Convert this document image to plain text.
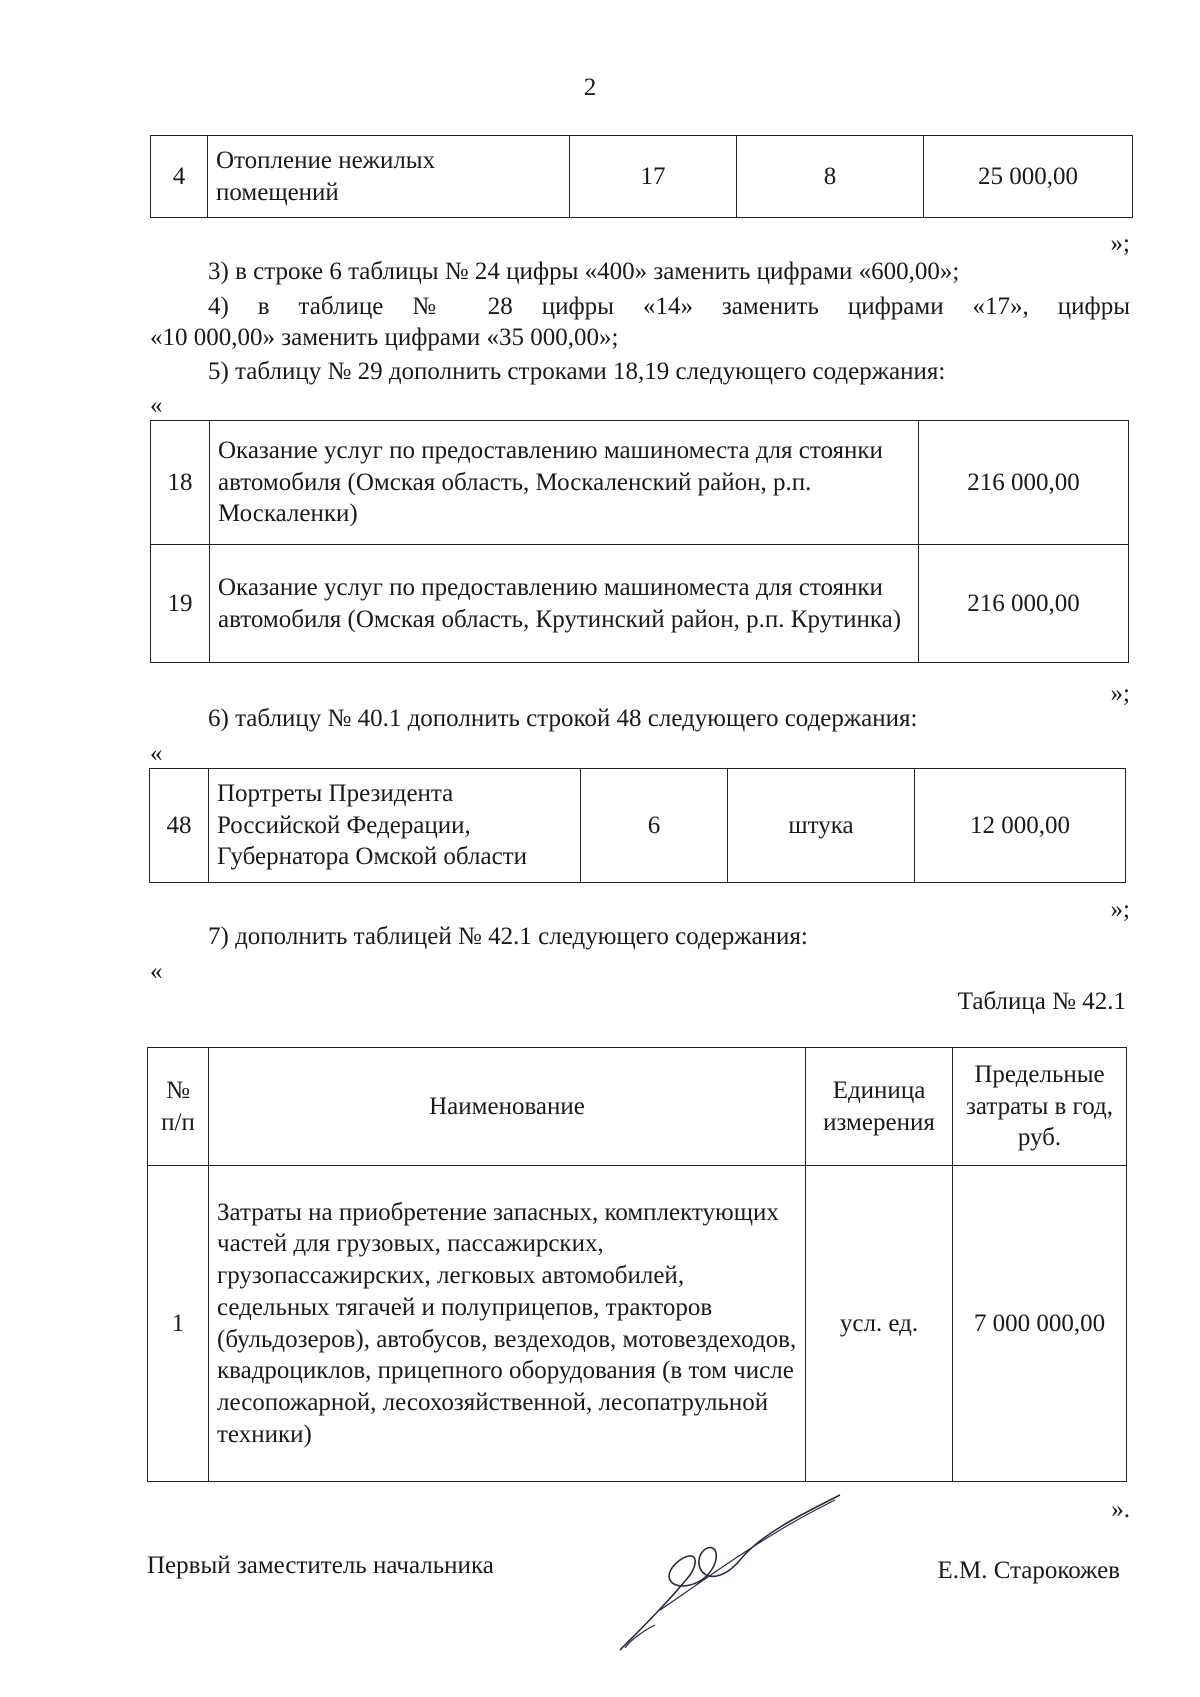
2
4	Отопление нежилых помещений	17	8	25 000,00
»;
3) в строке 6 таблицы № 24 цифры «400» заменить цифрами «600,00»;
4) в таблице № 28 цифры «14» заменить цифрами «17», цифры
«10 000,00» заменить цифрами «35 000,00»;
5) таблицу № 29 дополнить строками 18,19 следующего содержания:
«
18	Оказание услуг по предоставлению машиноместа для стоянки автомобиля (Омская область, Москаленский район, р.п. Москаленки)	216 000,00
19	Оказание услуг по предоставлению машиноместа для стоянки автомобиля (Омская область, Крутинский район, р.п. Крутинка)	216 000,00
»;
6) таблицу № 40.1 дополнить строкой 48 следующего содержания:
«
48	Портреты Президента Российской Федерации, Губернатора Омской области	6	штука	12 000,00
»;
7) дополнить таблицей № 42.1 следующего содержания:
«
Таблица № 42.1
№ п/п	Наименование	Единица измерения	Предельные затраты в год, руб.
1	Затраты на приобретение запасных, комплектующих частей для грузовых, пассажирских, грузопассажирских, легковых автомобилей, седельных тягачей и полуприцепов, тракторов (бульдозеров), автобусов, вездеходов, мотовездеходов, квадроциклов, прицепного оборудования (в том числе лесопожарной, лесохозяйственной, лесопатрульной техники)	усл. ед.	7 000 000,00
».
Первый заместитель начальника	Е.М. Старокожев
